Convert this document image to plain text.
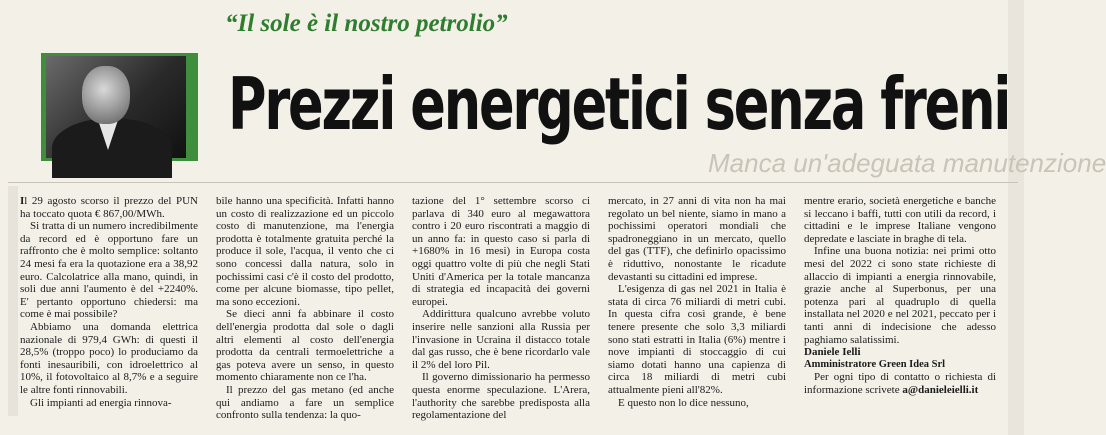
Manca un'adeguata manutenzione
“Il sole è il nostro petrolio”
Prezzi energetici senza freni

Il 29 agosto scorso il prezzo del PUN ha toccato quota € 867,00/MWh.

Si tratta di un numero incredibilmente da record ed è opportuno fare un raffronto che è molto semplice: soltanto 24 mesi fa era la quotazione era a 38,92 euro. Calcolatrice alla mano, quindi, in soli due anni l'aumento è del +2240%. E' pertanto opportuno chiedersi: ma come è mai possibile?

Abbiamo una domanda elettrica nazionale di 979,4 GWh: di questi il 28,5% (troppo poco) lo produciamo da fonti inesauribili, con idroelettrico al 10%, il fotovoltaico al 8,7% e a seguire le altre fonti rinnovabili.

Gli impianti ad energia rinnova-

bile hanno una specificità. Infatti hanno un costo di realizzazione ed un piccolo costo di manutenzione, ma l'energia prodotta è totalmente gratuita perché la produce il sole, l'acqua, il vento che ci sono concessi dalla natura, solo in pochissimi casi c'è il costo del prodotto, come per alcune biomasse, tipo pellet, ma sono eccezioni.

Se dieci anni fa abbinare il costo dell'energia prodotta dal sole o dagli altri elementi al costo dell'energia prodotta da centrali termoelettriche a gas poteva avere un senso, in questo momento chiaramente non ce l'ha.

Il prezzo del gas metano (ed anche qui andiamo a fare un semplice confronto sulla tendenza: la quo-

tazione del 1° settembre scorso ci parlava di 340 euro al megawattora contro i 20 euro riscontrati a maggio di un anno fa: in questo caso si parla di +1680% in 16 mesi) in Europa costa oggi quattro volte di più che negli Stati Uniti d'America per la totale mancanza di strategia ed incapacità dei governi europei.

Addirittura qualcuno avrebbe voluto inserire nelle sanzioni alla Russia per l'invasione in Ucraina il distacco totale dal gas russo, che è bene ricordarlo vale il 2% del loro Pil.

Il governo dimissionario ha permesso questa enorme speculazione. L'Arera, l'authority che sarebbe predisposta alla regolamentazione del

mercato, in 27 anni di vita non ha mai regolato un bel niente, siamo in mano a pochissimi operatori mondiali che spadroneggiano in un mercato, quello del gas (TTF), che definirlo opacissimo è riduttivo, nonostante le ricadute devastanti su cittadini ed imprese.

L'esigenza di gas nel 2021 in Italia è stata di circa 76 miliardi di metri cubi. In questa cifra così grande, è bene tenere presente che solo 3,3 miliardi sono stati estratti in Italia (6%) mentre i nove impianti di stoccaggio di cui siamo dotati hanno una capienza di circa 18 miliardi di metri cubi attualmente pieni all'82%.

E questo non lo dice nessuno,

mentre erario, società energetiche e banche si leccano i baffi, tutti con utili da record, i cittadini e le imprese Italiane vengono depredate e lasciate in braghe di tela.

Infine una buona notizia: nei primi otto mesi del 2022 ci sono state richieste di allaccio di impianti a energia rinnovabile, grazie anche al Superbonus, per una potenza pari al quadruplo di quella installata nel 2020 e nel 2021, peccato per i tanti anni di indecisione che adesso paghiamo salatissimi.

Daniele Ielli

Amministratore Green Idea Srl

Per ogni tipo di contatto o richiesta di informazione scrivete a@danieleielli.it
